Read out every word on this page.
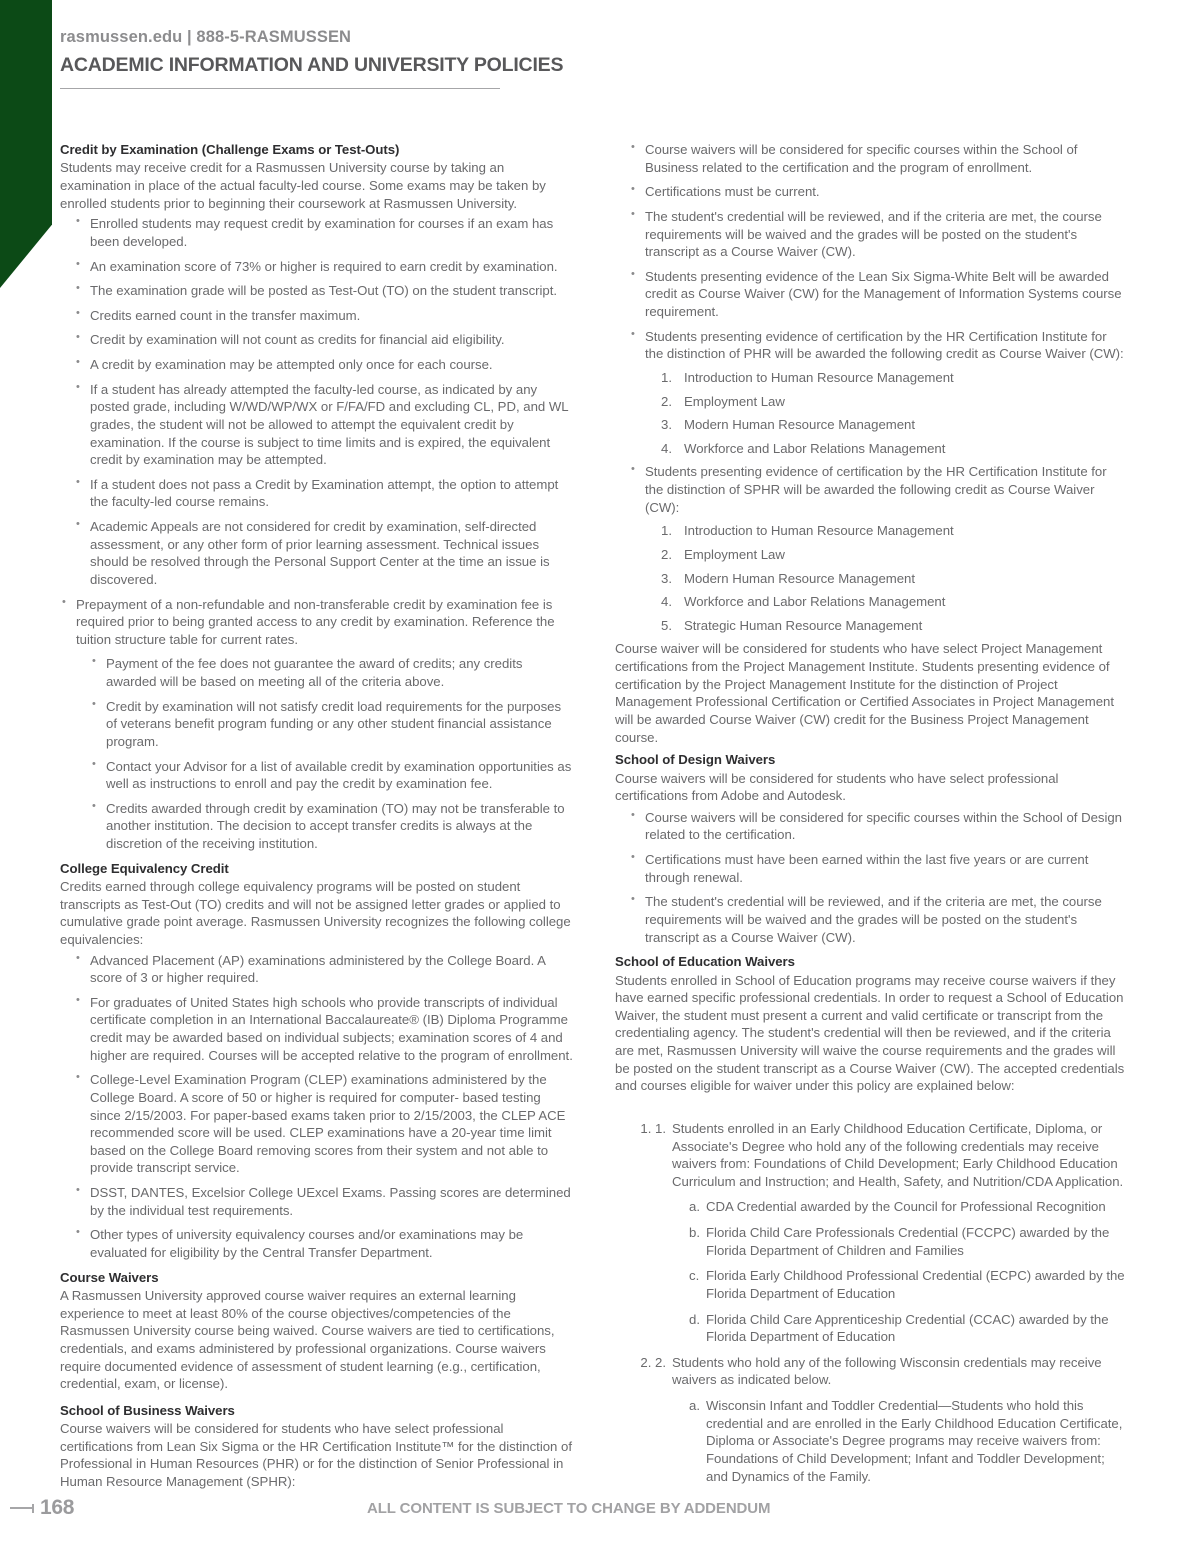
rasmussen.edu | 888-5-RASMUSSEN
ACADEMIC INFORMATION AND UNIVERSITY POLICIES
Credit by Examination (Challenge Exams or Test-Outs)

Students may receive credit for a Rasmussen University course by taking an examination in place of the actual faculty-led course. Some exams may be taken by enrolled students prior to beginning their coursework at Rasmussen University.

• Enrolled students may request credit by examination for courses if an exam has been developed.
• An examination score of 73% or higher is required to earn credit by examination.
• The examination grade will be posted as Test-Out (TO) on the student transcript.
• Credits earned count in the transfer maximum.
• Credit by examination will not count as credits for financial aid eligibility.
• A credit by examination may be attempted only once for each course.
• If a student has already attempted the faculty-led course, as indicated by any posted grade, including W/WD/WP/WX or F/FA/FD and excluding CL, PD, and WL grades, the student will not be allowed to attempt the equivalent credit by examination. If the course is subject to time limits and is expired, the equivalent credit by examination may be attempted.
• If a student does not pass a Credit by Examination attempt, the option to attempt the faculty-led course remains.
• Academic Appeals are not considered for credit by examination, self-directed assessment, or any other form of prior learning assessment. Technical issues should be resolved through the Personal Support Center at the time an issue is discovered.
• Prepayment of a non-refundable and non-transferable credit by examination fee is required prior to being granted access to any credit by examination. Reference the tuition structure table for current rates.
• Payment of the fee does not guarantee the award of credits; any credits awarded will be based on meeting all of the criteria above.
• Credit by examination will not satisfy credit load requirements for the purposes of veterans benefit program funding or any other student financial assistance program.
• Contact your Advisor for a list of available credit by examination opportunities as well as instructions to enroll and pay the credit by examination fee.
• Credits awarded through credit by examination (TO) may not be transferable to another institution. The decision to accept transfer credits is always at the discretion of the receiving institution.
College Equivalency Credit

Credits earned through college equivalency programs will be posted on student transcripts as Test-Out (TO) credits and will not be assigned letter grades or applied to cumulative grade point average. Rasmussen University recognizes the following college equivalencies:

• Advanced Placement (AP) examinations administered by the College Board. A score of 3 or higher required.
• For graduates of United States high schools who provide transcripts of individual certificate completion in an International Baccalaureate® (IB) Diploma Programme credit may be awarded based on individual subjects; examination scores of 4 and higher are required. Courses will be accepted relative to the program of enrollment.
• College-Level Examination Program (CLEP) examinations administered by the College Board. A score of 50 or higher is required for computer- based testing since 2/15/2003. For paper-based exams taken prior to 2/15/2003, the CLEP ACE recommended score will be used. CLEP examinations have a 20-year time limit based on the College Board removing scores from their system and not able to provide transcript service.
• DSST, DANTES, Excelsior College UExcel Exams. Passing scores are determined by the individual test requirements.
• Other types of university equivalency courses and/or examinations may be evaluated for eligibility by the Central Transfer Department.
Course Waivers

A Rasmussen University approved course waiver requires an external learning experience to meet at least 80% of the course objectives/competencies of the Rasmussen University course being waived. Course waivers are tied to certifications, credentials, and exams administered by professional organizations. Course waivers require documented evidence of assessment of student learning (e.g., certification, credential, exam, or license).

School of Business Waivers

Course waivers will be considered for students who have select professional certifications from Lean Six Sigma or the HR Certification Institute™ for the distinction of Professional in Human Resources (PHR) or for the distinction of Senior Professional in Human Resource Management (SPHR):

• Course waivers will be considered for specific courses within the School of Business related to the certification and the program of enrollment.
• Certifications must be current.
• The student's credential will be reviewed, and if the criteria are met, the course requirements will be waived and the grades will be posted on the student's transcript as a Course Waiver (CW).
• Students presenting evidence of the Lean Six Sigma-White Belt will be awarded credit as Course Waiver (CW) for the Management of Information Systems course requirement.
• Students presenting evidence of certification by the HR Certification Institute for the distinction of PHR will be awarded the following credit as Course Waiver (CW):
1. Introduction to Human Resource Management
2. Employment Law
3. Modern Human Resource Management
4. Workforce and Labor Relations Management
• Students presenting evidence of certification by the HR Certification Institute for the distinction of SPHR will be awarded the following credit as Course Waiver (CW):
1. Introduction to Human Resource Management
2. Employment Law
3. Modern Human Resource Management
4. Workforce and Labor Relations Management
5. Strategic Human Resource Management

Course waiver will be considered for students who have select Project Management certifications from the Project Management Institute. Students presenting evidence of certification by the Project Management Institute for the distinction of Project Management Professional Certification or Certified Associates in Project Management will be awarded Course Waiver (CW) credit for the Business Project Management course.

School of Design Waivers

Course waivers will be considered for students who have select professional certifications from Adobe and Autodesk.

• Course waivers will be considered for specific courses within the School of Design related to the certification.
• Certifications must have been earned within the last five years or are current through renewal.
• The student's credential will be reviewed, and if the criteria are met, the course requirements will be waived and the grades will be posted on the student's transcript as a Course Waiver (CW).
School of Education Waivers

Students enrolled in School of Education programs may receive course waivers if they have earned specific professional credentials. In order to request a School of Education Waiver, the student must present a current and valid certificate or transcript from the credentialing agency. The student's credential will then be reviewed, and if the criteria are met, Rasmussen University will waive the course requirements and the grades will be posted on the student transcript as a Course Waiver (CW). The accepted credentials and courses eligible for waiver under this policy are explained below:

1. 1. Students enrolled in an Early Childhood Education Certificate, Diploma, or Associate's Degree who hold any of the following credentials may receive waivers from: Foundations of Child Development; Early Childhood Education Curriculum and Instruction; and Health, Safety, and Nutrition/CDA Application.
a. CDA Credential awarded by the Council for Professional Recognition
b. Florida Child Care Professionals Credential (FCCPC) awarded by the Florida Department of Children and Families
c. Florida Early Childhood Professional Credential (ECPC) awarded by the Florida Department of Education
d. Florida Child Care Apprenticeship Credential (CCAC) awarded by the Florida Department of Education
2. 2. Students who hold any of the following Wisconsin credentials may receive waivers as indicated below.
a. Wisconsin Infant and Toddler Credential—Students who hold this credential and are enrolled in the Early Childhood Education Certificate, Diploma or Associate's Degree programs may receive waivers from: Foundations of Child Development; Infant and Toddler Development; and Dynamics of the Family.
168	ALL CONTENT IS SUBJECT TO CHANGE BY ADDENDUM
